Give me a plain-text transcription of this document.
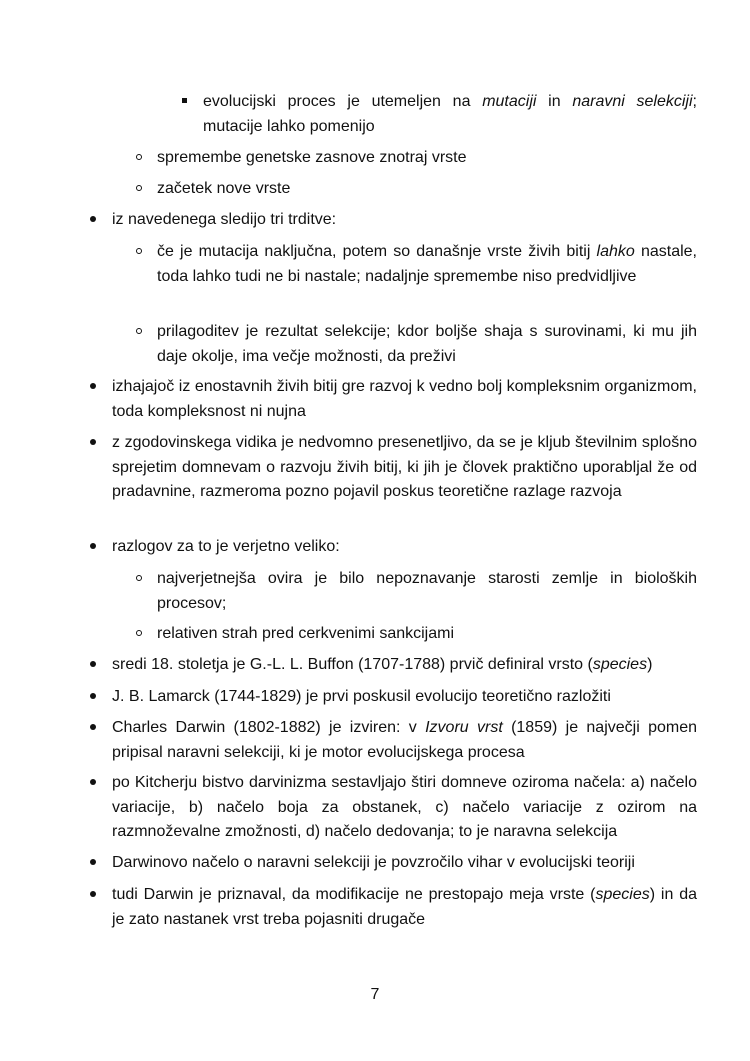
evolucijski proces je utemeljen na mutaciji in naravni selekciji; mutacije lahko pomenijo
spremembe genetske zasnove znotraj vrste
začetek nove vrste
iz navedenega sledijo tri trditve:
če je mutacija naključna, potem so današnje vrste živih bitij lahko nastale, toda lahko tudi ne bi nastale; nadaljnje spremembe niso predvidljive
prilagoditev je rezultat selekcije; kdor boljše shaja s surovinami, ki mu jih daje okolje, ima večje možnosti, da preživi
izhajajoč iz enostavnih živih bitij gre razvoj k vedno bolj kompleksnim organizmom, toda kompleksnost ni nujna
z zgodovinskega vidika je nedvomno presenetljivo, da se je kljub številnim splošno sprejetim domnevam o razvoju živih bitij, ki jih je človek praktično uporabljal že od pradavnine, razmeroma pozno pojavil poskus teoretične razlage razvoja
razlogov za to je verjetno veliko:
najverjetnejša ovira je bilo nepoznavanje starosti zemlje in bioloških procesov;
relativen strah pred cerkvenimi sankcijami
sredi 18. stoletja je G.-L. L. Buffon (1707-1788) prvič definiral vrsto (species)
J. B. Lamarck (1744-1829) je prvi poskusil evolucijo teoretično razložiti
Charles Darwin (1802-1882) je izviren: v Izvoru vrst (1859) je največji pomen pripisal naravni selekciji, ki je motor evolucijskega procesa
po Kitcherju bistvo darvinizma sestavljajo štiri domneve oziroma načela: a) načelo variacije, b) načelo boja za obstanek, c) načelo variacije z ozirom na razmnoževalne zmožnosti, d) načelo dedovanja; to je naravna selekcija
Darwinovo načelo o naravni selekciji je povzročilo vihar v evolucijski teoriji
tudi Darwin je priznaval, da modifikacije ne prestopajo meja vrste (species) in da je zato nastanek vrst treba pojasniti drugače
7
